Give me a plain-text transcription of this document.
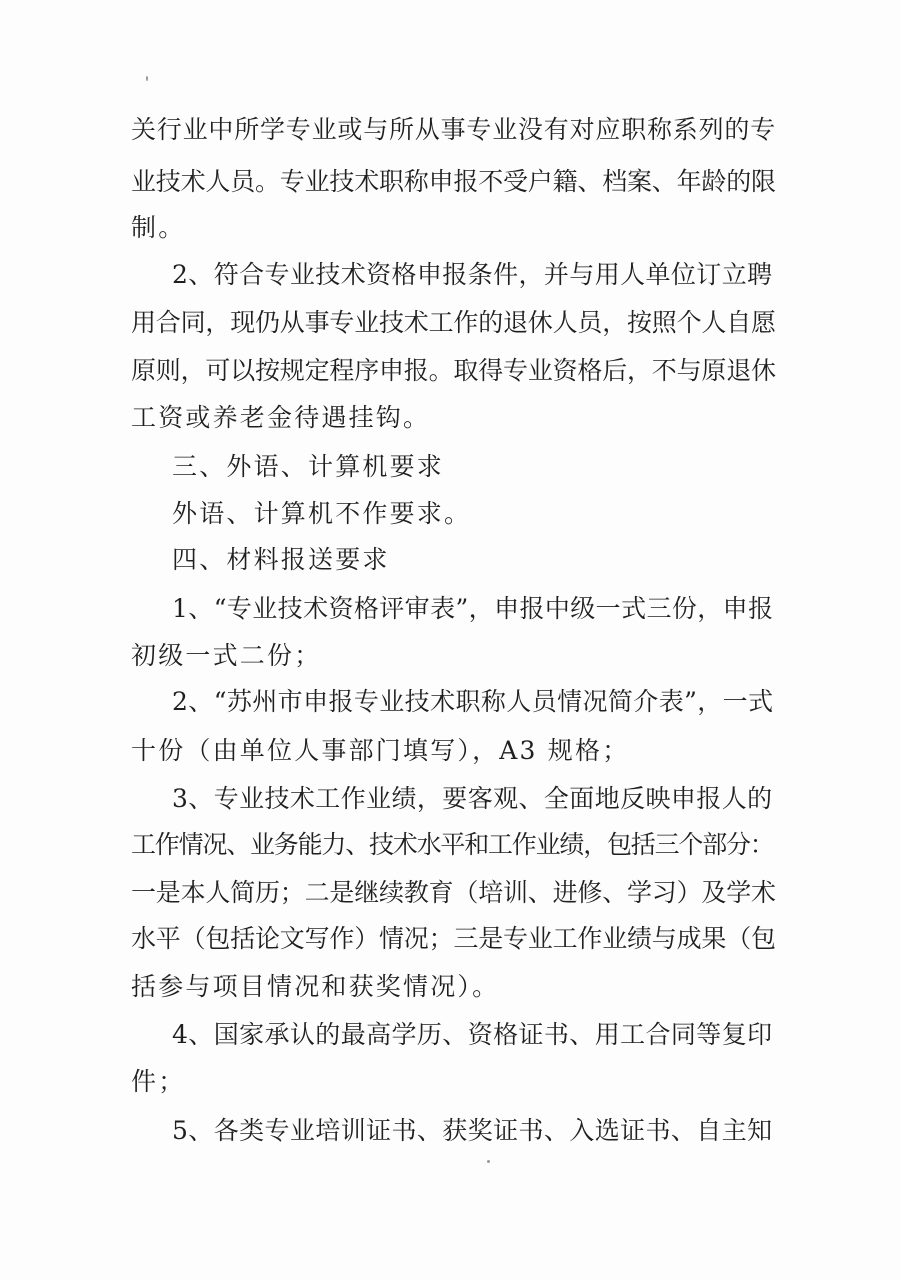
关行业中所学专业或与所从事专业没有对应职称系列的专
业技术人员。专业技术职称申报不受户籍、档案、年龄的限
制。
2、符合专业技术资格申报条件，并与用人单位订立聘
用合同，现仍从事专业技术工作的退休人员，按照个人自愿
原则，可以按规定程序申报。取得专业资格后，不与原退休
工资或养老金待遇挂钩。
三、外语、计算机要求
外语、计算机不作要求。
四、材料报送要求
1、“专业技术资格评审表”，申报中级一式三份，申报
初级一式二份；
2、“苏州市申报专业技术职称人员情况简介表”，一式
十份（由单位人事部门填写），A3 规格；
3、专业技术工作业绩，要客观、全面地反映申报人的
工作情况、业务能力、技术水平和工作业绩，包括三个部分：
一是本人简历；二是继续教育（培训、进修、学习）及学术
水平（包括论文写作）情况；三是专业工作业绩与成果（包
括参与项目情况和获奖情况）。
4、国家承认的最高学历、资格证书、用工合同等复印
件；
5、各类专业培训证书、获奖证书、入选证书、自主知
